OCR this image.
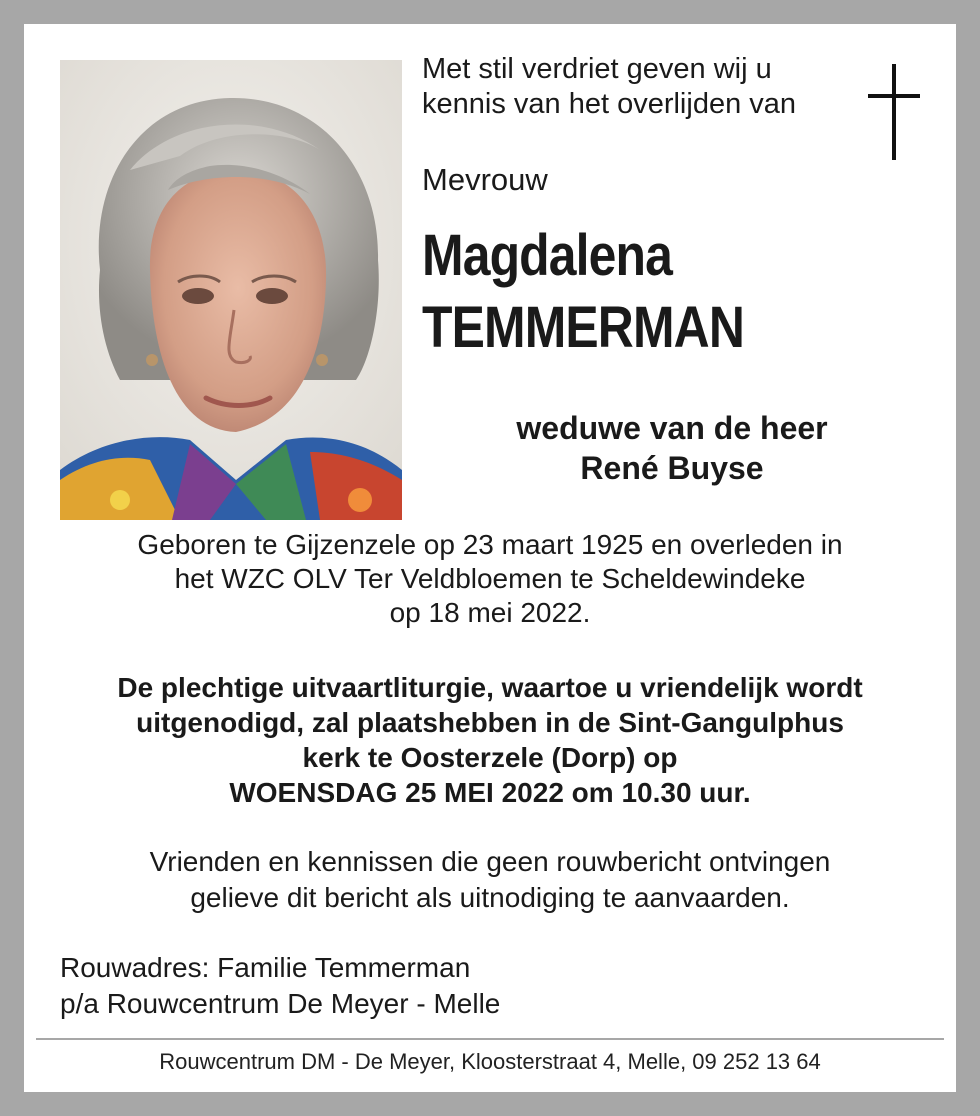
Met stil verdriet geven wij u
kennis van het overlijden van
Mevrouw
Magdalena
TEMMERMAN
weduwe van de heer
René Buyse
Geboren te Gijzenzele op 23 maart 1925 en overleden in
het WZC OLV Ter Veldbloemen te Scheldewindeke
op 18 mei 2022.
De plechtige uitvaartliturgie, waartoe u vriendelijk wordt
uitgenodigd, zal plaatshebben in de Sint-Gangulphus
kerk te Oosterzele (Dorp) op
WOENSDAG 25 MEI 2022 om 10.30 uur.
Vrienden en kennissen die geen rouwbericht ontvingen
gelieve dit bericht als uitnodiging te aanvaarden.
Rouwadres: Familie Temmerman
p/a Rouwcentrum De Meyer - Melle
Rouwcentrum DM - De Meyer, Kloosterstraat 4, Melle, 09 252 13 64
